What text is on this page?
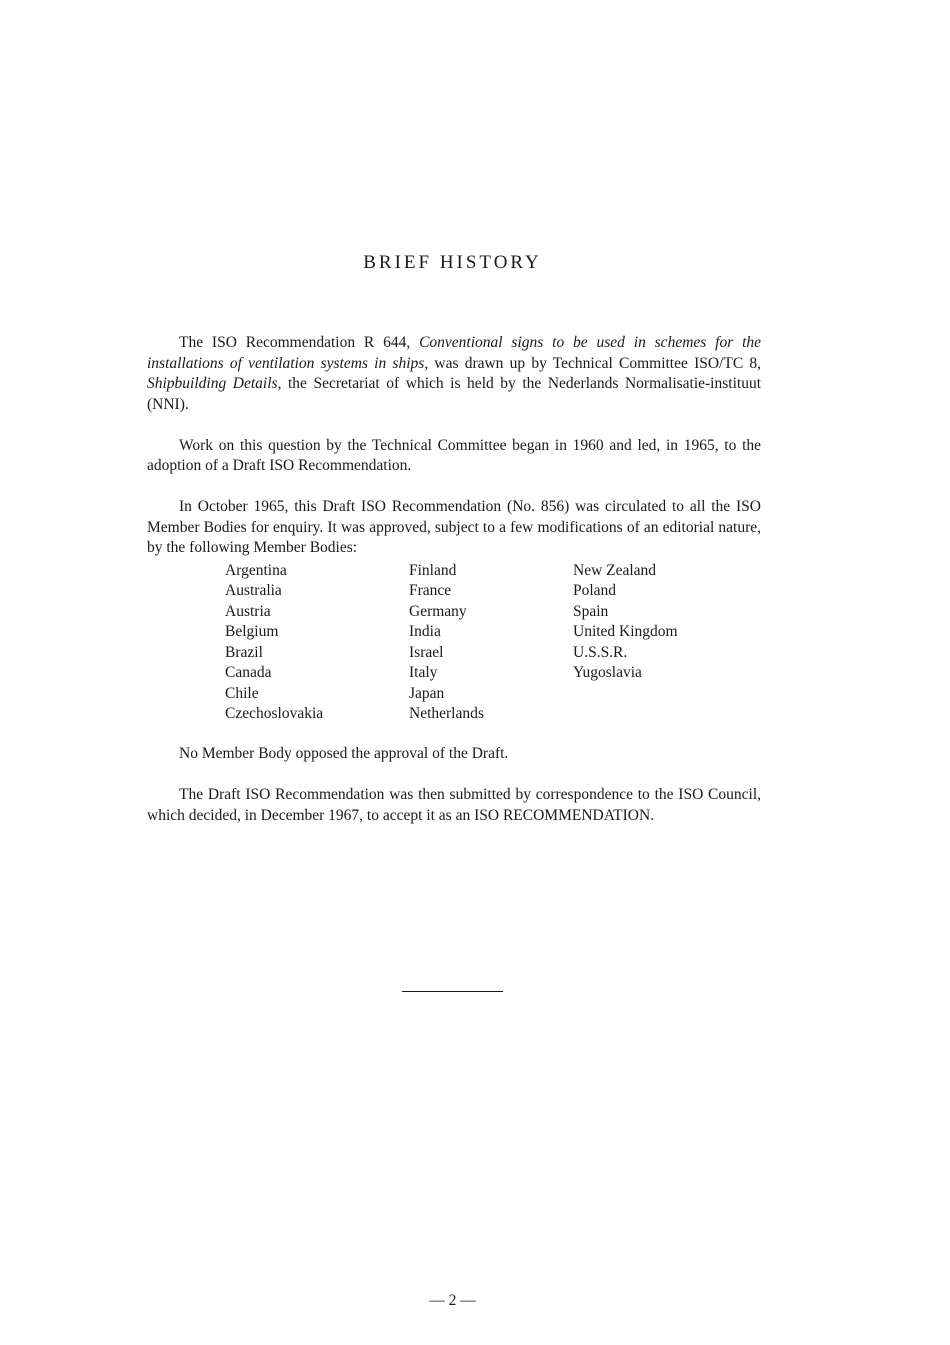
BRIEF HISTORY

The ISO Recommendation R 644, Conventional signs to be used in schemes for the installations of ventilation systems in ships, was drawn up by Technical Committee ISO/TC 8, Shipbuilding Details, the Secretariat of which is held by the Nederlands Normalisatie-instituut (NNI).

Work on this question by the Technical Committee began in 1960 and led, in 1965, to the adoption of a Draft ISO Recommendation.

In October 1965, this Draft ISO Recommendation (No. 856) was circulated to all the ISO Member Bodies for enquiry. It was approved, subject to a few modifications of an editorial nature, by the following Member Bodies:

Argentina
Australia
Austria
Belgium
Brazil
Canada
Chile
Czechoslovakia
Finland
France
Germany
India
Israel
Italy
Japan
Netherlands
New Zealand
Poland
Spain
United Kingdom
U.S.S.R.
Yugoslavia

No Member Body opposed the approval of the Draft.

The Draft ISO Recommendation was then submitted by correspondence to the ISO Council, which decided, in December 1967, to accept it as an ISO RECOMMENDATION.

— 2 —
